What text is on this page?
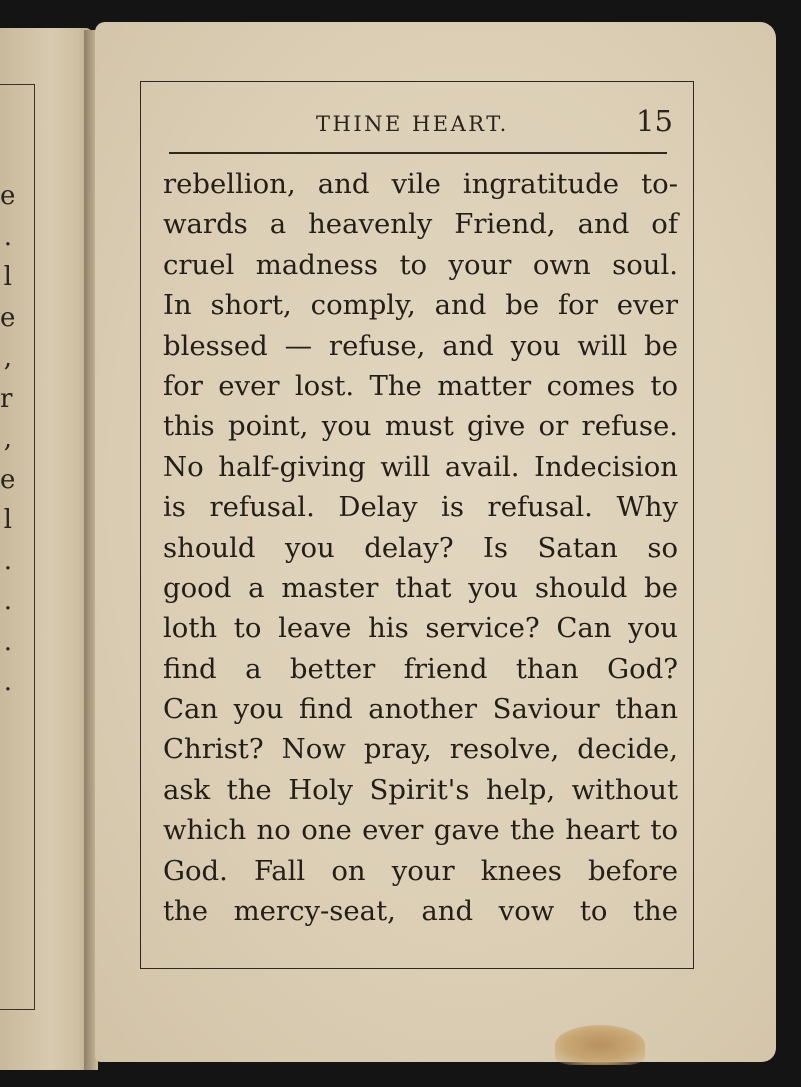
e
.
l
e
,
r
,
e
l
.
.
.
.
THINE HEART.	15
rebellion, and vile ingratitude to-
wards a heavenly Friend, and of
cruel madness to your own soul.
In short, comply, and be for ever
blessed — refuse, and you will be
for ever lost. The matter comes to
this point, you must give or refuse.
No half-giving will avail. Indecision
is refusal. Delay is refusal. Why
should you delay? Is Satan so
good a master that you should be
loth to leave his service? Can you
find a better friend than God?
Can you find another Saviour than
Christ? Now pray, resolve, decide,
ask the Holy Spirit's help, without
which no one ever gave the heart to
God. Fall on your knees before
the mercy-seat, and vow to the
